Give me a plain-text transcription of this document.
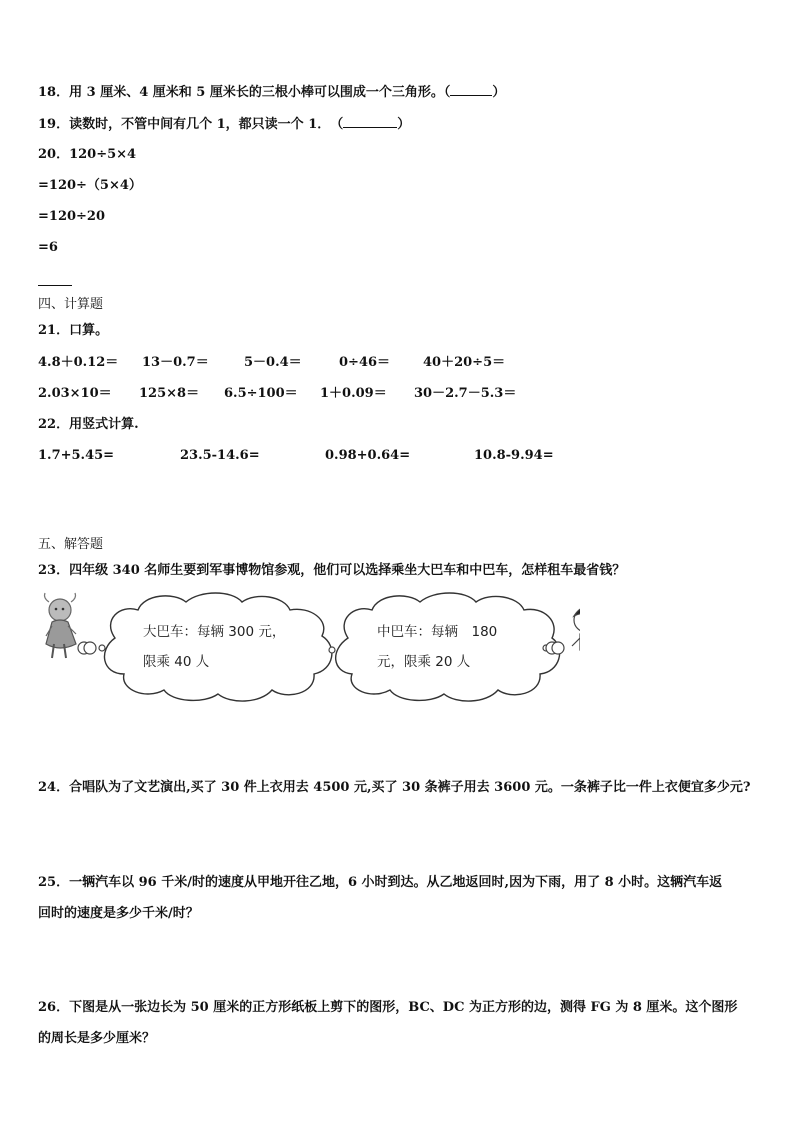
18．用 3 厘米、4 厘米和 5 厘米长的三根小棒可以围成一个三角形。（	）
19．读数时，不管中间有几个 1，都只读一个 1．　（	）
20．120÷5×4
=120÷（5×4）
=120÷20
=6
四、计算题
21．口算。
4.8＋0.12＝ 13－0.7＝	5－0.4＝	0÷46＝	40＋20÷5＝
2.03×10＝ 125×8＝ 6.5÷100＝ 1＋0.09＝ 30－2.7－5.3＝
22．用竖式计算.
1.7+5.45=	23.5-14.6=	0.98+0.64=	10.8-9.94=
五、解答题
23．四年级 340 名师生要到军事博物馆参观，他们可以选择乘坐大巴车和中巴车，怎样租车最省钱？
大巴车：每辆 300 元，
限乘 40 人
中巴车：每辆　180
元，限乘 20 人
24．合唱队为了文艺演出,买了 30 件上衣用去 4500 元,买了 30 条裤子用去 3600 元。一条裤子比一件上衣便宜多少元?
25．一辆汽车以 96 千米/时的速度从甲地开往乙地，6 小时到达。从乙地返回时,因为下雨，用了 8 小时。这辆汽车返
回时的速度是多少千米/时？
26．下图是从一张边长为 50 厘米的正方形纸板上剪下的图形，BC、DC 为正方形的边，测得 FG 为 8 厘米。这个图形
的周长是多少厘米？
